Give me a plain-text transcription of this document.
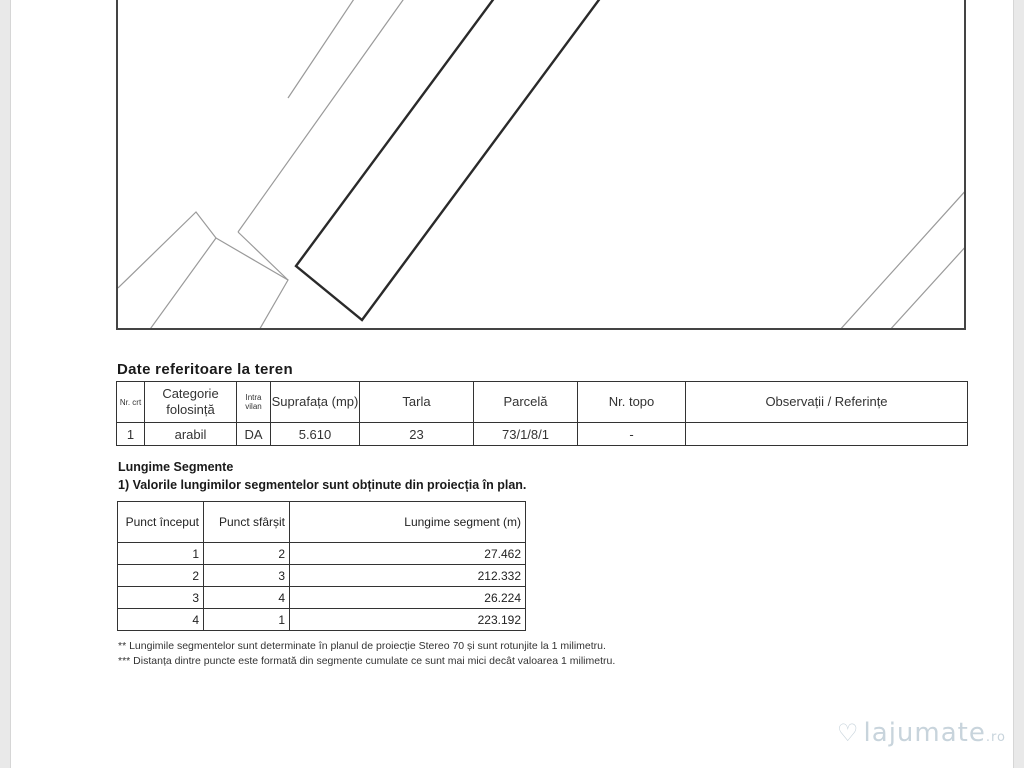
Date referitoare la teren
Nr. crt	Categorie folosință	Intra vilan	Suprafața (mp)	Tarla	Parcelă	Nr. topo	Observații / Referințe
1	arabil	DA	5.610	23	73/1/8/1	-	
Lungime Segmente
1) Valorile lungimilor segmentelor sunt obținute din proiecția în plan.
Punct început	Punct sfârșit	Lungime segment (m)
1	2	27.462
2	3	212.332
3	4	26.224
4	1	223.192
** Lungimile segmentelor sunt determinate în planul de proiecție Stereo 70 și sunt rotunjite la 1 milimetru.
*** Distanța dintre puncte este formată din segmente cumulate ce sunt mai mici decât valoarea 1 milimetru.
♡ lajumate.ro
